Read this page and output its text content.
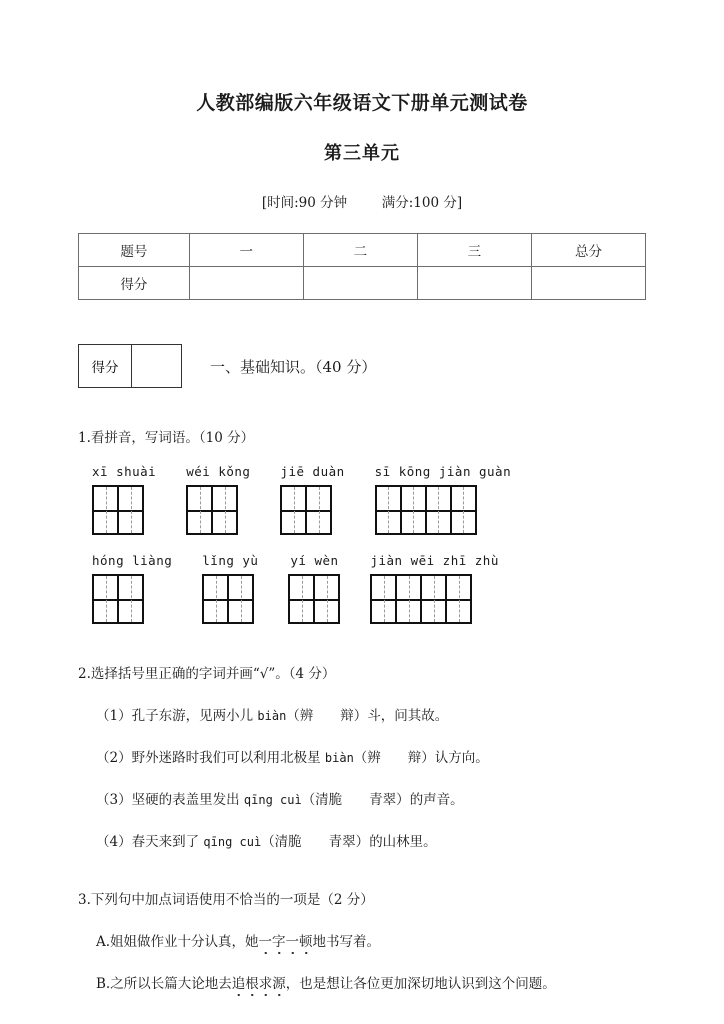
人教部编版六年级语文下册单元测试卷
第三单元
[时间:90 分钟	满分:100 分]
题号	一	二	三	总分
得分				
得分	一、基础知识。（40 分）
1.看拼音，写词语。（10 分）
xī shuài wéi kǒng jiē duàn sī kōng jiàn guàn
hóng liàng lǐng yù	yí wèn	jiàn wēi zhī zhù
2.选择括号里正确的字词并画“√”。（4 分）
（1）孔子东游，见两小儿 biàn（辨　　辩）斗，问其故。
（2）野外迷路时我们可以利用北极星 biàn（辨　　辩）认方向。
（3）坚硬的表盖里发出 qīng cuì（清脆　　青翠）的声音。
（4）春天来到了 qīng cuì（清脆　　青翠）的山林里。
3.下列句中加点词语使用不恰当的一项是（2 分）
A.姐姐做作业十分认真，她一字一顿地书写着。
B.之所以长篇大论地去追根求源，也是想让各位更加深切地认识到这个问题。
